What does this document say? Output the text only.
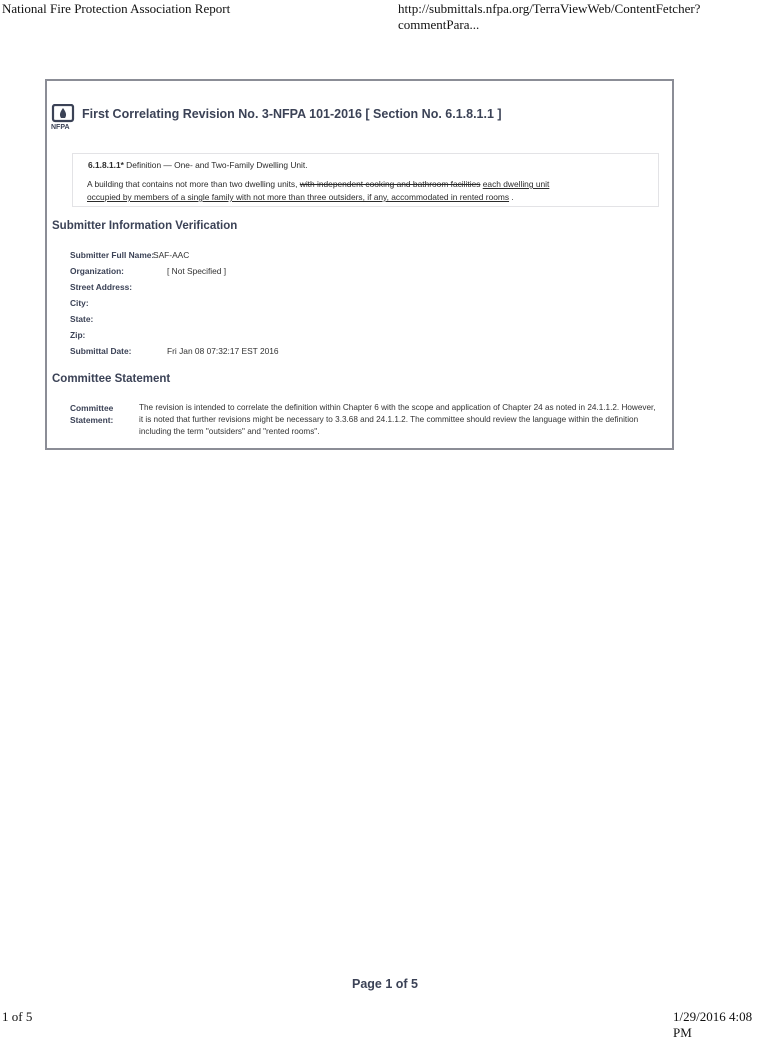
National Fire Protection Association Report	http://submittals.nfpa.org/TerraViewWeb/ContentFetcher?commentPara...
NFPA
First Correlating Revision No. 3-NFPA 101-2016 [ Section No. 6.1.8.1.1 ]
6.1.8.1.1* Definition — One- and Two-Family Dwelling Unit.
A building that contains not more than two dwelling units, with independent cooking and bathroom facilities each dwelling unit
occupied by members of a single family with not more than three outsiders, if any, accommodated in rented rooms .
Submitter Information Verification
Submitter Full Name:
SAF-AAC
Organization:	[ Not Specified ]
Street Address:
City:
State:
Zip:
Submittal Date:	Fri Jan 08 07:32:17 EST 2016
Committee Statement
Committee
Statement:
The revision is intended to correlate the definition within Chapter 6 with the scope and application of Chapter 24 as noted in 24.1.1.2. However, it is noted that further revisions might be necessary to 3.3.68 and 24.1.1.2. The committee should review the language within the definition including the term "outsiders" and "rented rooms".
Page 1 of 5
1 of 5	1/29/2016 4:08 PM
